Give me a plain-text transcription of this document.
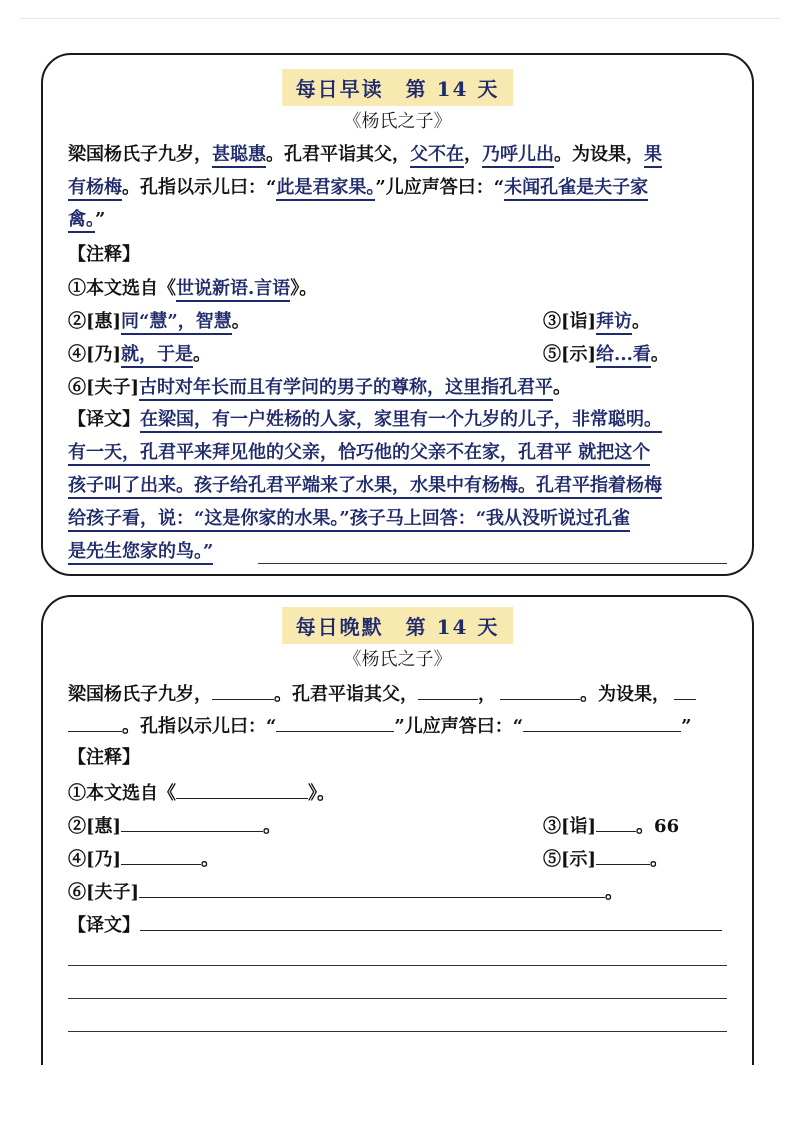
每日早读 第 14 天
《杨氏之子》
梁国杨氏子九岁，甚聪惠。孔君平诣其父，父不在，乃呼儿出。为设果，果
有杨梅。孔指以示儿曰：“此是君家果。”儿应声答曰：“未闻孔雀是夫子家
禽。”
【注释】
①本文选自《世说新语.言语》。
②[惠]同“慧”，智慧。	③[诣]拜访。
④[乃]就，于是。	⑤[示]给...看。
⑥[夫子]古时对年长而且有学问的男子的尊称，这里指孔君平。
【译文】在梁国，有一户姓杨的人家，家里有一个九岁的儿子，非常聪明。
有一天，孔君平来拜见他的父亲，恰巧他的父亲不在家，孔君平 就把这个
孩子叫了出来。孩子给孔君平端来了水果，水果中有杨梅。孔君平指着杨梅
给孩子看，说：“这是你家的水果。”孩子马上回答：“我从没听说过孔雀
是先生您家的鸟。”
每日晚默 第 14 天
《杨氏之子》
梁国杨氏子九岁，	。孔君平诣其父，	，	。为设果，
。孔指以示儿曰：“	”儿应声答曰：“	”
【注释】
①本文选自《	》。
②[惠]	。	③[诣] 。66
④[乃]	。	⑤[示]	。
⑥[夫子]	。
【译文】
